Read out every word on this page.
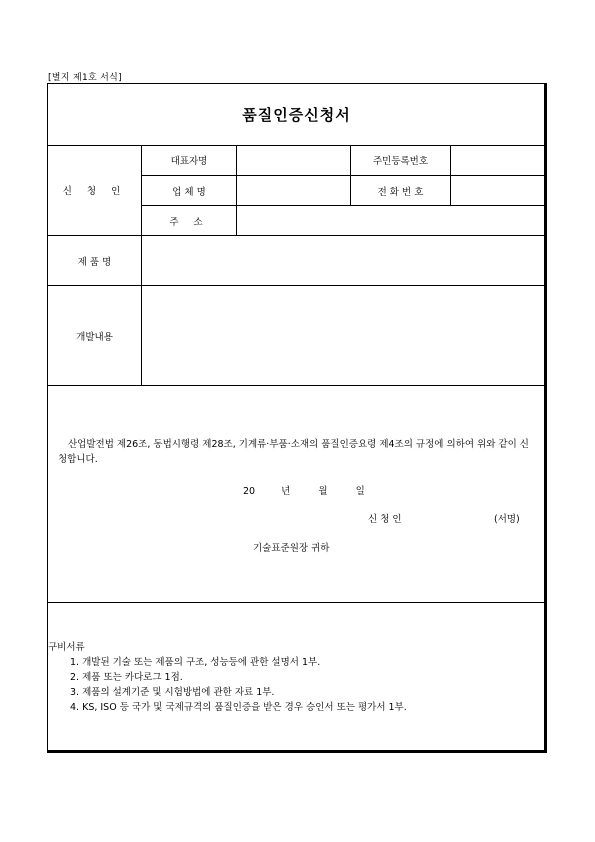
[별지 제1호 서식]
품질인증신청서
신 청 인
대표자명	주민등록번호
업 체 명	전 화 번 호
주 소
제 품 명
개발내용

산업발전법 제26조, 동법시행령 제28조, 기계류·부품·소재의 품질인증요령 제4조의 규정에 의하여 위와 같이 신청합니다.

20	년	월	일
신 청 인	(서명)
기술표준원장 귀하
구비서류
1. 개발된 기술 또는 제품의 구조, 성능등에 관한 설명서 1부.
2. 제품 또는 카다로그 1점.
3. 제품의 설계기준 및 시험방법에 관한 자료 1부.
4. KS, ISO 등 국가 및 국제규격의 품질인증을 받은 경우 승인서 또는 평가서 1부.
